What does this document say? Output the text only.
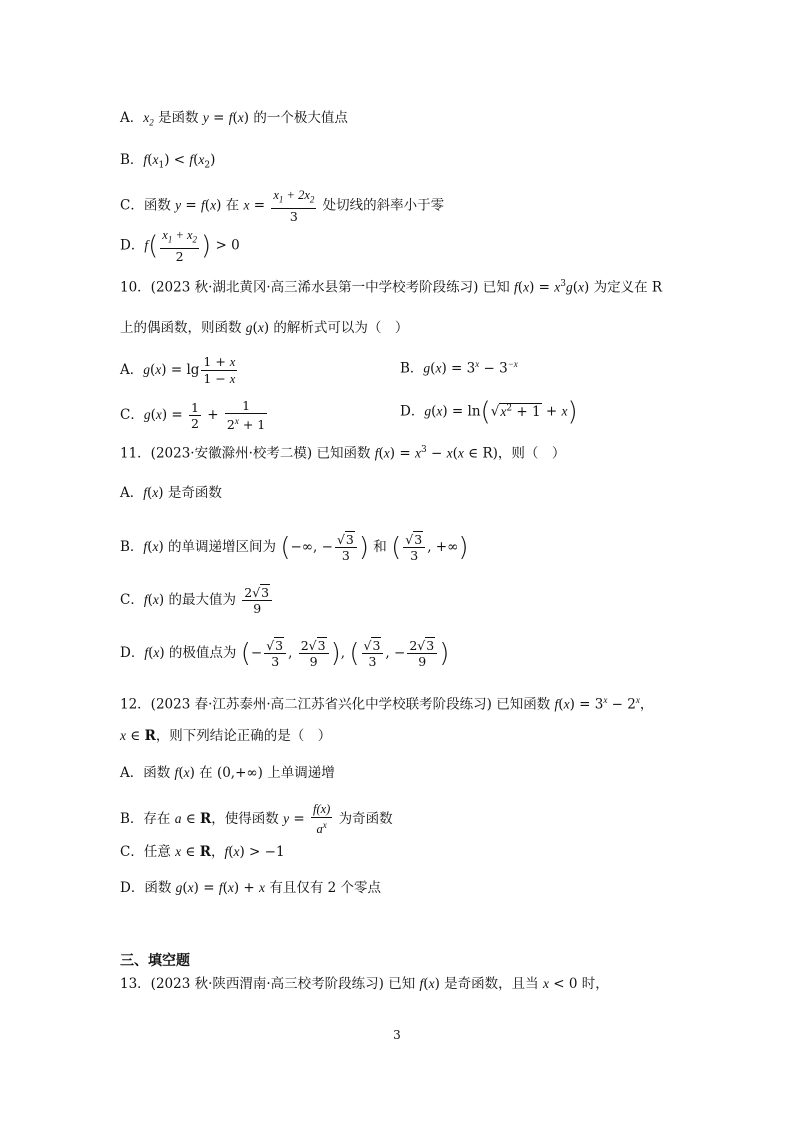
A．$x_2$ 是函数 y = f(x) 的一个极大值点
B．$f(x_1) < f(x_2)$
C．函数 y = f(x) 在 $x = \frac{x_1 + 2x_2}{3}$ 处切线的斜率小于零
D．$f( \frac{x_1 + x_2}{2}$ ) > 0
10．(2023 秋·湖北黄冈·高三浠水县第一中学校考阶段练习) 已知 $f(x) = x^3g(x)$ 为定义在 R
上的偶函数，则函数 g(x) 的解析式可以为（　）
A．$g(x) = \lg \frac{1 + x}{1 - x}$	B．$g(x) = 3^x - 3^{-x}$
C．$g(x) = \frac{1}{2} + \frac{1}{2^x + 1}$	D．$g(x) = \ln(√x^2 + 1 + x)$
11．(2023·安徽滁州·校考二模) 已知函数 $f(x) = x^3 - x(x$ ∈ R)，则（　）
A．f(x) 是奇函数
B．f(x) 的单调递增区间为 (−∞, − $\frac{√3}{3}$ ) 和 ( $\frac{√3}{3}$ , +∞)
C．f(x) 的最大值为 $\frac{2√3}{9}$
D．f(x) 的极值点为 (− $\frac{√3}{3}$ , $\frac{2√3}{9}$ ), ( $\frac{√3}{3}$ , − $\frac{2√3}{9}$ )
12．(2023 春·江苏泰州·高二江苏省兴化中学校联考阶段练习) 已知函数 $f(x) = 3^x - 2^x$，
x ∈ R，则下列结论正确的是（　）
A．函数 f(x) 在 (0,+∞) 上单调递增
B．存在 a ∈ R，使得函数 $y = \frac{f(x)}{a^x}$ 为奇函数
C．任意 x ∈ R，f(x) > −1
D．函数 g(x) = f(x) + x 有且仅有 2 个零点
三、填空题
13．(2023 秋·陕西渭南·高三校考阶段练习) 已知 f(x) 是奇函数，且当 x < 0 时，
3
